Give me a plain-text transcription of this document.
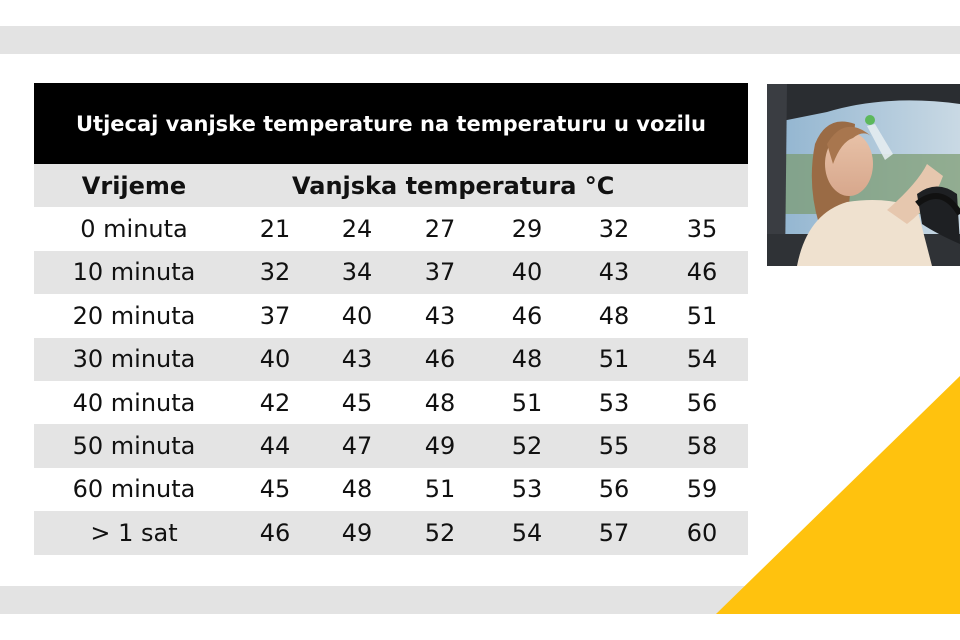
Utjecaj vanjske temperature na temperaturu u vozilu
Vrijeme	Vanjska temperatura °C					
0 minuta	21	24	27	29	32	35
10 minuta	32	34	37	40	43	46
20 minuta	37	40	43	46	48	51
30 minuta	40	43	46	48	51	54
40 minuta	42	45	48	51	53	56
50 minuta	44	47	49	52	55	58
60 minuta	45	48	51	53	56	59
> 1 sat	46	49	52	54	57	60
